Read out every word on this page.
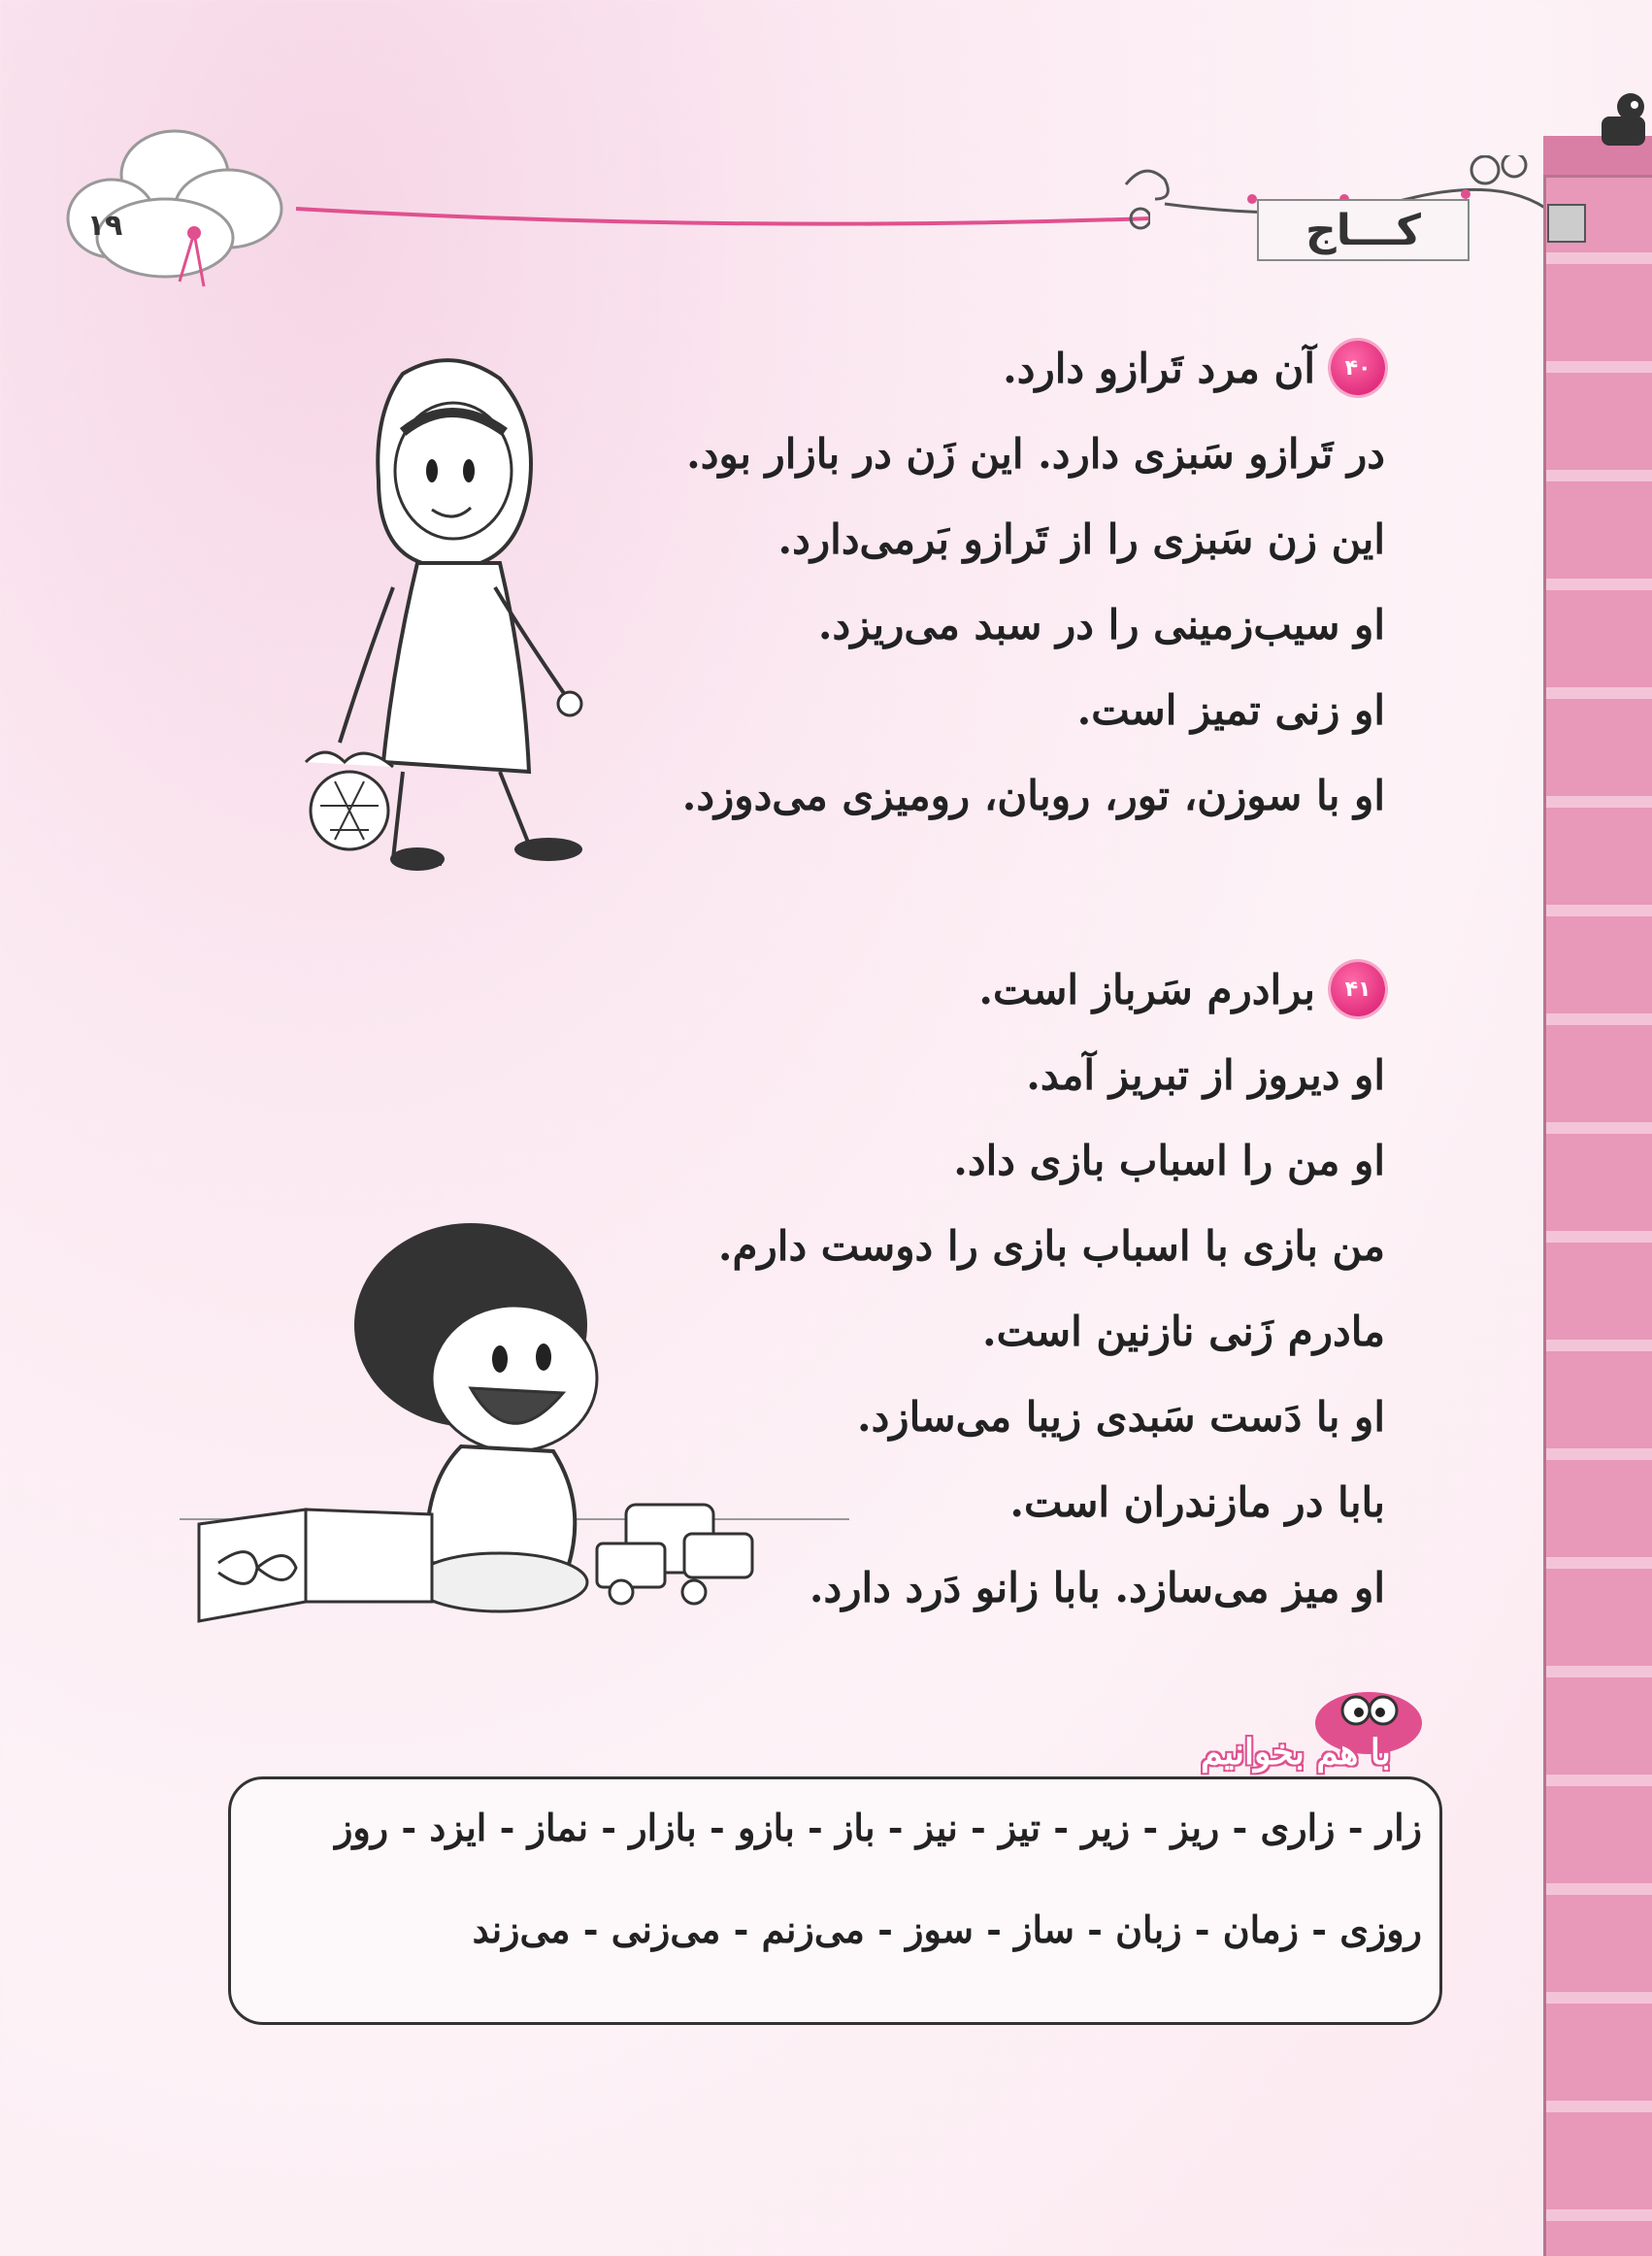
۱۹	کـــاج
۴۰
آن مرد تَرازو دارد.
در تَرازو سَبزی دارد. این زَن در بازار بود.
این زن سَبزی را از تَرازو بَرمی‌دارد.
او سیب‌زمینی را در سبد می‌ریزد.
او زنی تمیز است.
او با سوزن، تور، روبان، رومیزی می‌دوزد.
۴۱
برادرم سَرباز است.
او دیروز از تبریز آمد.
او من را اسباب بازی داد.
من بازی با اسباب بازی را دوست دارم.
مادرم زَنی نازنین است.
او با دَست سَبدی زیبا می‌سازد.
بابا در مازندران است.
او میز می‌سازد. بابا زانو دَرد دارد.
با هم بخوانیم
زار - زاری - ریز - زیر - تیز - نیز - باز - بازو - بازار - نماز - ایزد - روز
روزی - زمان - زبان - ساز - سوز - می‌زنم - می‌زنی - می‌زند
